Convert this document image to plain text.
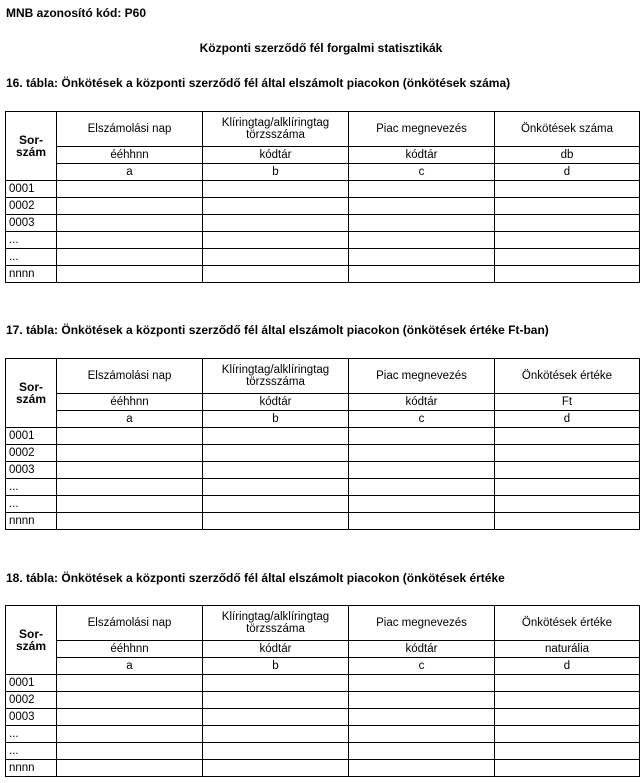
MNB azonosító kód: P60
Központi szerződő fél forgalmi statisztikák
16. tábla: Önkötések a központi szerződő fél által elszámolt piacokon (önkötések száma)
Sor-
szám	Elszámolási nap	Klíringtag/alklíringtag törzsszáma	Piac megnevezés	Önkötések száma
	ééhhnn	kódtár	kódtár	db
	a	b	c	d
0001				
0002				
0003				
...				
...				
nnnn				
17. tábla: Önkötések a központi szerződő fél által elszámolt piacokon (önkötések értéke Ft-ban)
Sor-
szám	Elszámolási nap	Klíringtag/alklíringtag törzsszáma	Piac megnevezés	Önkötések értéke
	ééhhnn	kódtár	kódtár	Ft
	a	b	c	d
0001				
0002				
0003				
...				
...				
nnnn				
18. tábla: Önkötések a központi szerződő fél által elszámolt piacokon (önkötések értéke
Sor-
szám	Elszámolási nap	Klíringtag/alklíringtag törzsszáma	Piac megnevezés	Önkötések értéke
	ééhhnn	kódtár	kódtár	naturália
	a	b	c	d
0001				
0002				
0003				
...				
...				
nnnn				
